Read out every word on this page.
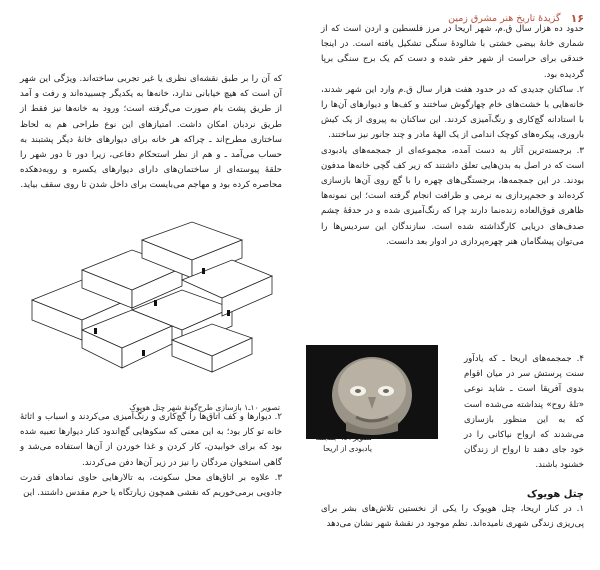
۱۶
گزیدهٔ تاریخ هنر مشرق زمین

حدود ده هزار سال ق.م، شهر اریحا در مرز فلسطین و اردن است که از شماری خانهٔ بیضی خشتی با شالودهٔ سنگی تشکیل یافته است. در اینجا خندقی برای حراست از شهر حفر شده و دست کم یک برج سنگی برپا گردیده بود.

۲. ساکنان جدیدی که در حدود هفت هزار سال ق.م وارد این شهر شدند، خانه‌هایی با خشت‌های خام چهارگوش ساختند و کف‌ها و دیوارهای آن‌ها را با استادانه گچ‌کاری و رنگ‌آمیزی کردند. این ساکنان به پیروی از یک کیش باروری، پیکره‌های کوچک اندامی از یک الههٔ مادر و چند جانور نیز ساختند.

۳. برجسته‌ترین آثار به دست آمده، مجموعه‌ای از جمجمه‌های یادبودی است که در اصل به بدن‌هایی تعلق داشتند که زیر کف گچی خانه‌ها مدفون بودند. در این جمجمه‌ها، برجستگی‌های چهره را با گچ روی آن‌ها بازسازی کرده‌اند و حجم‌پردازی به نرمی و ظرافت انجام گرفته است؛ این نمونه‌ها ظاهری فوق‌العاده زنده‌نما دارند چرا که رنگ‌آمیزی شده و در حدقهٔ چشم صدف‌های دریایی کارگذاشته شده است. سازندگان این سردیس‌ها را می‌توان پیشگامان هنر چهره‌پردازی در ادوار بعد دانست.

تصویر ۹ـ۱ جمجمه
یادبودی از اریحا
۴. جمجمه‌های اریحا ـ که یادآور سنت پرستش سر در میان اقوام بدوی آفریقا است ـ شاید نوعی «تلهٔ روح» پنداشته می‌شده است که به این منظور بازسازی می‌شدند که ارواح نیاکانی را در خود جای دهند تا ارواح از زندگان خشنود باشند.
چتل هویوک

۱. در کنار اریحا، چتل هویوک را یکی از نخستین تلاش‌های بشر برای پی‌ریزی زندگی شهری نامیده‌اند. نظم موجود در نقشهٔ شهر نشان می‌دهد

که آن را بر طبق نقشه‌ای نظری یا غیر تجربی ساخته‌اند. ویژگی این شهر آن است که هیچ خیابانی ندارد، خانه‌ها به یکدیگر چسبیده‌اند و رفت و آمد از طریق پشت بام صورت می‌گرفته است؛ ورود به خانه‌ها نیز فقط از طریق نردبان امکان داشت. امتیازهای این نوع طراحی هم به لحاظ ساختاری مطرح‌اند ـ چراکه هر خانه برای دیوارهای خانهٔ دیگر پشتبند به حساب می‌آمد ـ و هم از نظر استحکام دفاعی، زیرا دور تا دور شهر را حلقهٔ پیوسته‌ای از ساختمان‌های دارای دیوارهای یکسره و روبه‌دهکده محاصره کرده بود و مهاجم می‌بایست برای داخل شدن تا روی سقف بیاید.

تصویر ۱۰ـ۱ بازسازی طرح‌گونهٔ شهر چتل هویوک

۲. دیوارها و کف اتاق‌ها را گچ‌کاری و رنگ‌آمیزی می‌کردند و اسباب و اثاثهٔ خانه تو کار بود؛ به این معنی که سکوهایی گچ‌اندود کنار دیوارها تعبیه شده بود که برای خوابیدن، کار کردن و غذا خوردن از آن‌ها استفاده می‌شد و گاهی استخوان مردگان را نیز در زیر آن‌ها دفن می‌کردند.

۳. علاوه بر اتاق‌های محل سکونت، به تالارهایی حاوی نمادهای قدرت جادویی برمی‌خوریم که نقشی همچون زیارتگاه یا حرم مقدس داشتند. این
